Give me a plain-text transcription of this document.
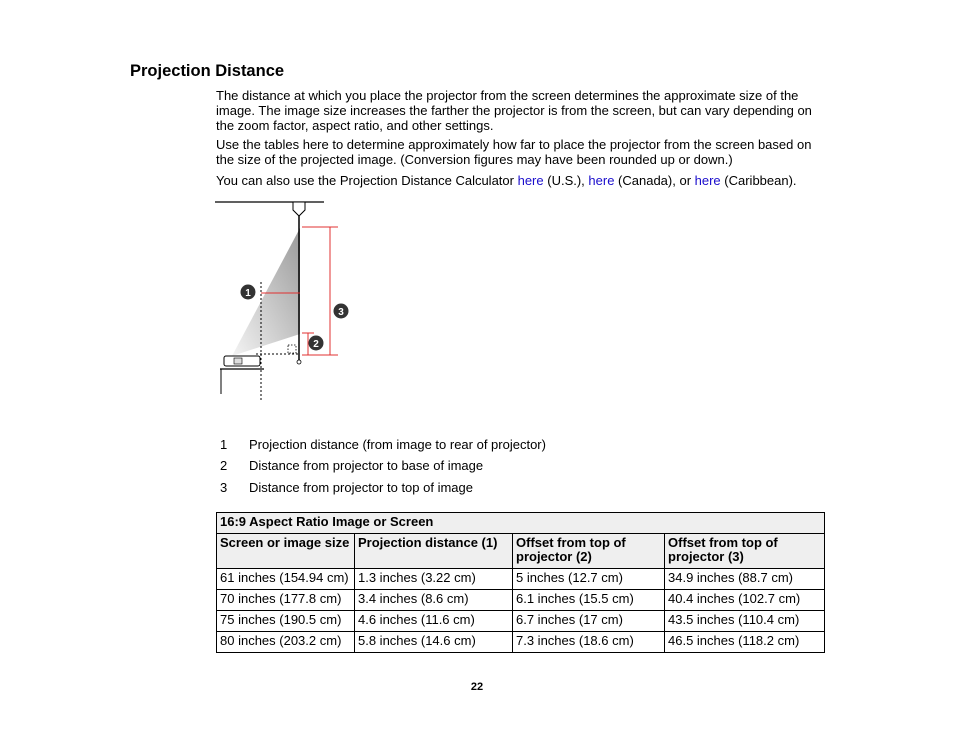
Projection Distance

The distance at which you place the projector from the screen determines the approximate size of the image. The image size increases the farther the projector is from the screen, but can vary depending on the zoom factor, aspect ratio, and other settings.

Use the tables here to determine approximately how far to place the projector from the screen based on the size of the projected image. (Conversion figures may have been rounded up or down.)

You can also use the Projection Distance Calculator here (U.S.), here (Canada), or here (Caribbean).

1
2
3
1 Projection distance (from image to rear of projector)
2 Distance from projector to base of image
3 Distance from projector to top of image
16:9 Aspect Ratio Image or Screen			
Screen or image size	Projection distance (1)	Offset from top of projector (2)	Offset from top of projector (3)
61 inches (154.94 cm)	1.3 inches (3.22 cm)	5 inches (12.7 cm)	34.9 inches (88.7 cm)
70 inches (177.8 cm)	3.4 inches (8.6 cm)	6.1 inches (15.5 cm)	40.4 inches (102.7 cm)
75 inches (190.5 cm)	4.6 inches (11.6 cm)	6.7 inches (17 cm)	43.5 inches (110.4 cm)
80 inches (203.2 cm)	5.8 inches (14.6 cm)	7.3 inches (18.6 cm)	46.5 inches (118.2 cm)
22
